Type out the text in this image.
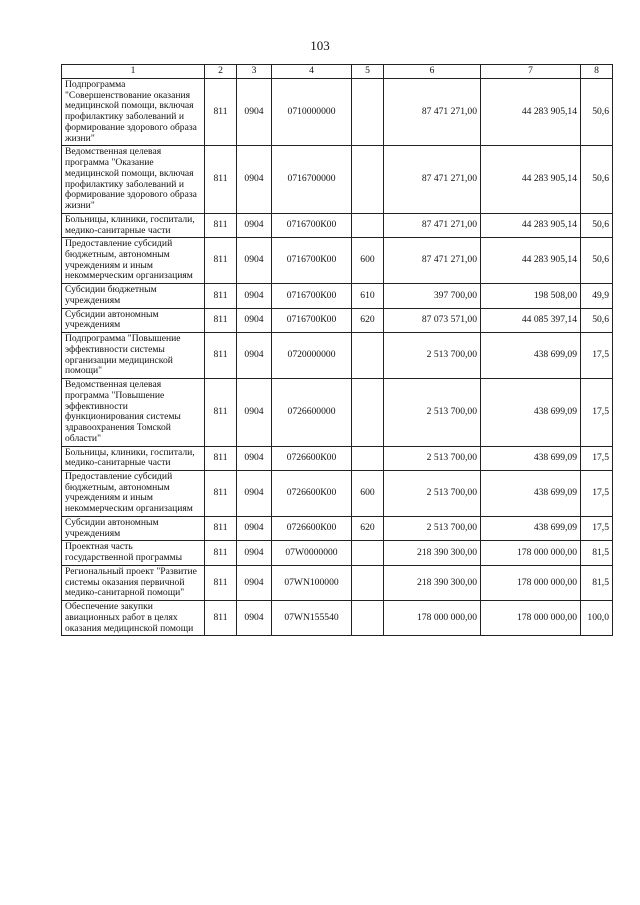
103
1	2	3	4	5	6	7	8
Подпрограмма "Совершенствование оказания медицинской помощи, включая профилактику заболеваний и формирование здорового образа жизни"	811	0904	0710000000		87 471 271,00	44 283 905,14	50,6
Ведомственная целевая программа "Оказание медицинской помощи, включая профилактику заболеваний и формирование здорового образа жизни"	811	0904	0716700000		87 471 271,00	44 283 905,14	50,6
Больницы, клиники, госпитали, медико-санитарные части	811	0904	0716700К00		87 471 271,00	44 283 905,14	50,6
Предоставление субсидий бюджетным, автономным учреждениям и иным некоммерческим организациям	811	0904	0716700К00	600	87 471 271,00	44 283 905,14	50,6
Субсидии бюджетным учреждениям	811	0904	0716700К00	610	397 700,00	198 508,00	49,9
Субсидии автономным учреждениям	811	0904	0716700К00	620	87 073 571,00	44 085 397,14	50,6
Подпрограмма "Повышение эффективности системы организации медицинской помощи"	811	0904	0720000000		2 513 700,00	438 699,09	17,5
Ведомственная целевая программа "Повышение эффективности функционирования системы здравоохранения Томской области"	811	0904	0726600000		2 513 700,00	438 699,09	17,5
Больницы, клиники, госпитали, медико-санитарные части	811	0904	0726600К00		2 513 700,00	438 699,09	17,5
Предоставление субсидий бюджетным, автономным учреждениям и иным некоммерческим организациям	811	0904	0726600К00	600	2 513 700,00	438 699,09	17,5
Субсидии автономным учреждениям	811	0904	0726600К00	620	2 513 700,00	438 699,09	17,5
Проектная часть государственной программы	811	0904	07W0000000		218 390 300,00	178 000 000,00	81,5
Региональный проект "Развитие системы оказания первичной медико-санитарной помощи"	811	0904	07WN100000		218 390 300,00	178 000 000,00	81,5
Обеспечение закупки авиационных работ в целях оказания медицинской помощи	811	0904	07WN155540		178 000 000,00	178 000 000,00	100,0
